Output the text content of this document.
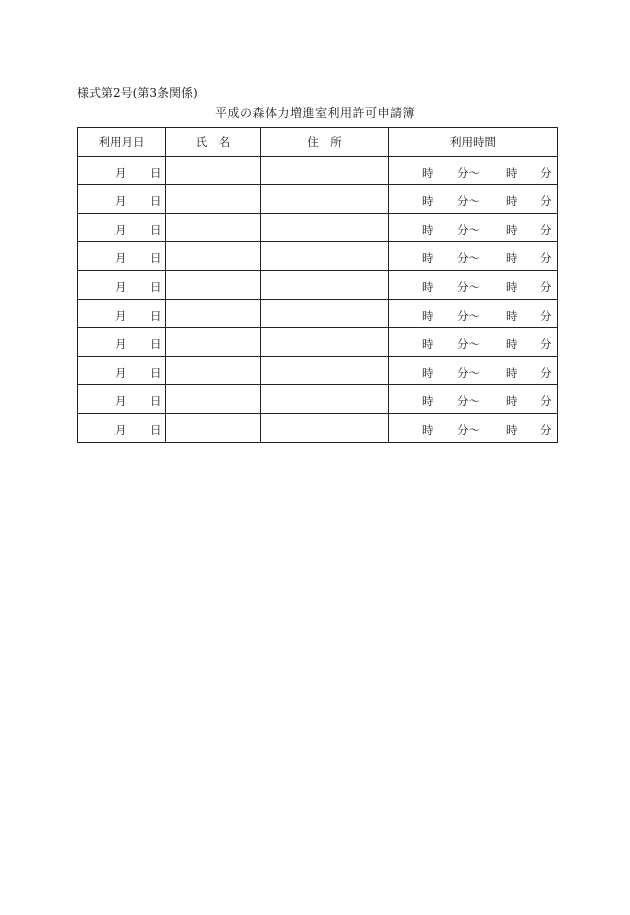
様式第2号(第3条関係)
平成の森体力増進室利用許可申請簿
利用月日	氏　名	住　所	利用時間

月 日			時 分〜 時 分

月 日			時 分〜 時 分

月 日			時 分〜 時 分

月 日			時 分〜 時 分

月 日			時 分〜 時 分

月 日			時 分〜 時 分

月 日			時 分〜 時 分

月 日			時 分〜 時 分

月 日			時 分〜 時 分

月 日			時 分〜 時 分
